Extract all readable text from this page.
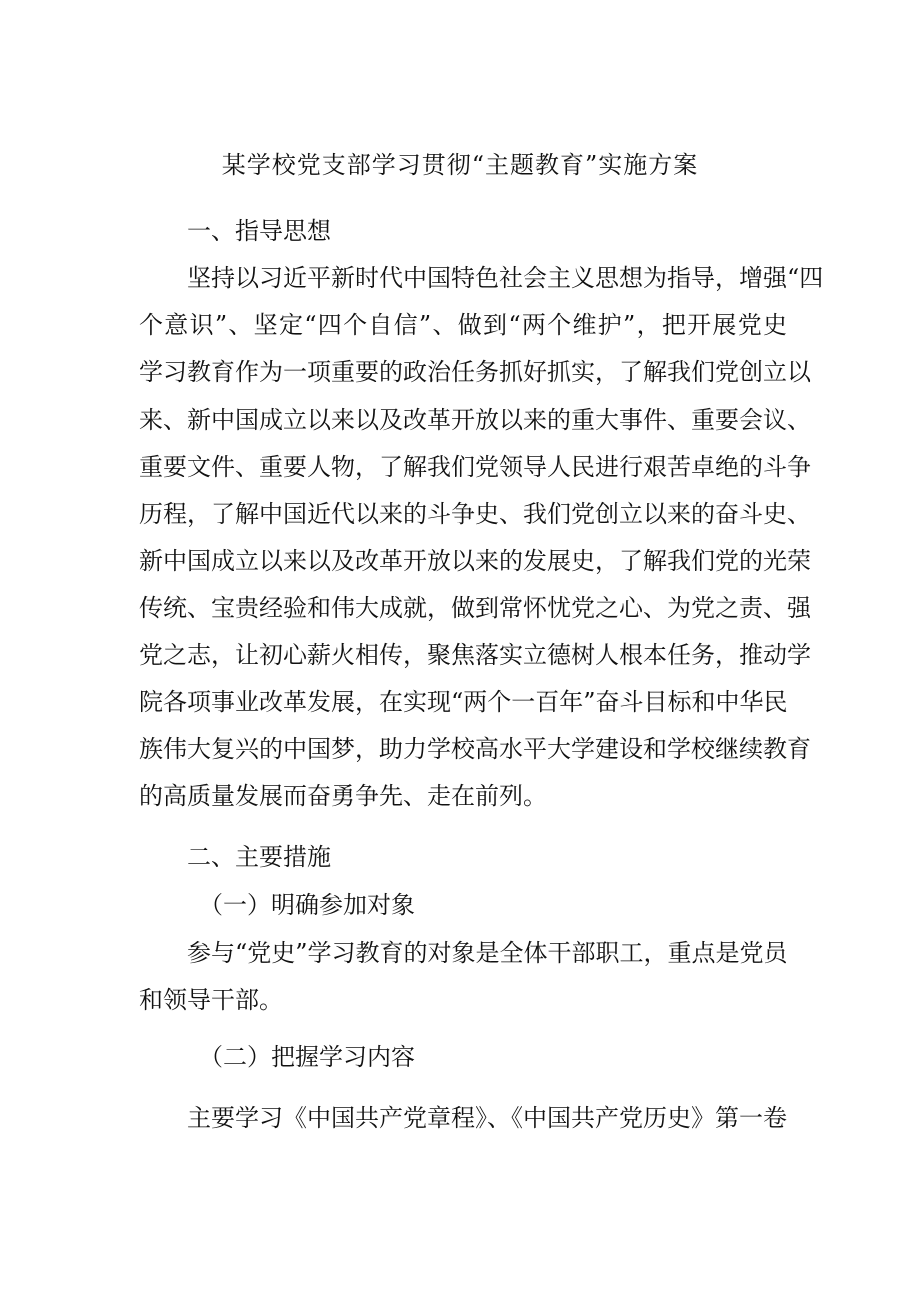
某学校党支部学习贯彻“主题教育”实施方案
一、指导思想
坚持以习近平新时代中国特色社会主义思想为指导，增强“四
个意识”、坚定“四个自信”、做到“两个维护”，把开展党史
学习教育作为一项重要的政治任务抓好抓实，了解我们党创立以
来、新中国成立以来以及改革开放以来的重大事件、重要会议、
重要文件、重要人物，了解我们党领导人民进行艰苦卓绝的斗争
历程，了解中国近代以来的斗争史、我们党创立以来的奋斗史、
新中国成立以来以及改革开放以来的发展史，了解我们党的光荣
传统、宝贵经验和伟大成就，做到常怀忧党之心、为党之责、强
党之志，让初心薪火相传，聚焦落实立德树人根本任务，推动学
院各项事业改革发展，在实现“两个一百年”奋斗目标和中华民
族伟大复兴的中国梦，助力学校高水平大学建设和学校继续教育
的高质量发展而奋勇争先、走在前列。
二、主要措施
（一）明确参加对象
参与“党史”学习教育的对象是全体干部职工，重点是党员
和领导干部。
（二）把握学习内容
主要学习《中国共产党章程》、《中国共产党历史》第一卷
